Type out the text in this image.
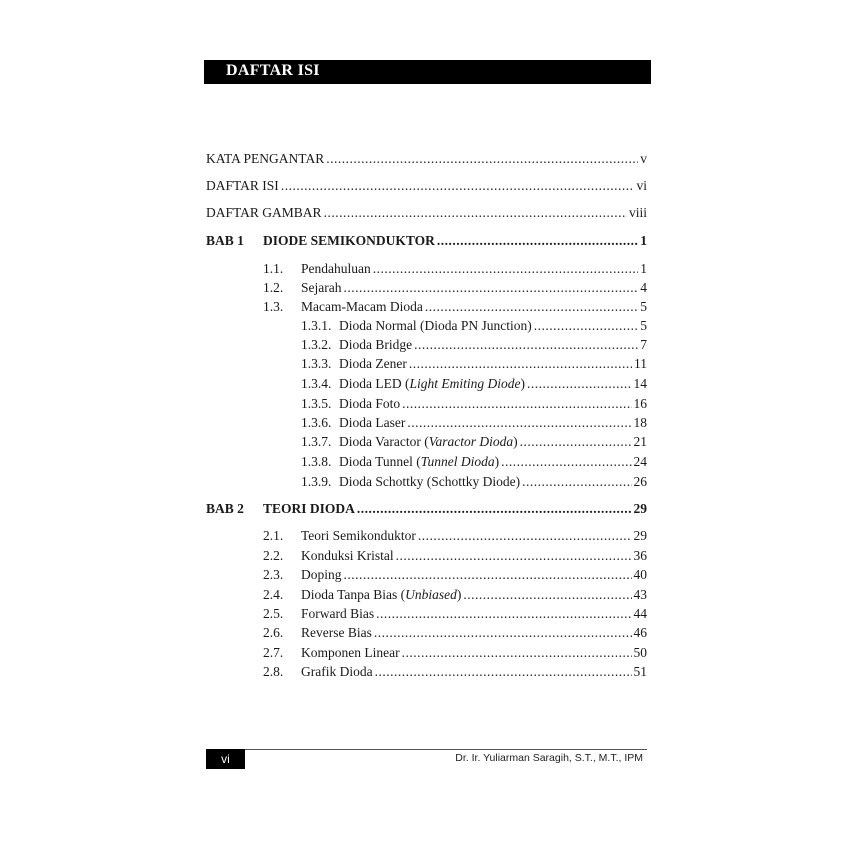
DAFTAR ISI
KATA PENGANTAR .....	v
DAFTAR ISI .....	vi
DAFTAR GAMBAR .....	viii
BAB 1	DIODE SEMIKONDUKTOR .....	1
1.1.	Pendahuluan .....	1
1.2.	Sejarah .....	4
1.3.	Macam-Macam Dioda .....	5
1.3.1. Dioda Normal (Dioda PN Junction) .....	5
1.3.2. Dioda Bridge .....	7
1.3.3. Dioda Zener .....	11
1.3.4. Dioda LED (Light Emiting Diode) .....	14
1.3.5. Dioda Foto .....	16
1.3.6. Dioda Laser .....	18
1.3.7. Dioda Varactor (Varactor Dioda) .....	21
1.3.8. Dioda Tunnel (Tunnel Dioda) .....	24
1.3.9. Dioda Schottky (Schottky Diode) .....	26
BAB 2	TEORI DIODA .....	29
2.1.	Teori Semikonduktor .....	29
2.2.	Konduksi Kristal .....	36
2.3.	Doping .....	40
2.4.	Dioda Tanpa Bias (Unbiased) .....	43
2.5.	Forward Bias .....	44
2.6.	Reverse Bias .....	46
2.7.	Komponen Linear .....	50
2.8.	Grafik Dioda .....	51
vi	Dr. Ir. Yuliarman Saragih, S.T., M.T., IPM
